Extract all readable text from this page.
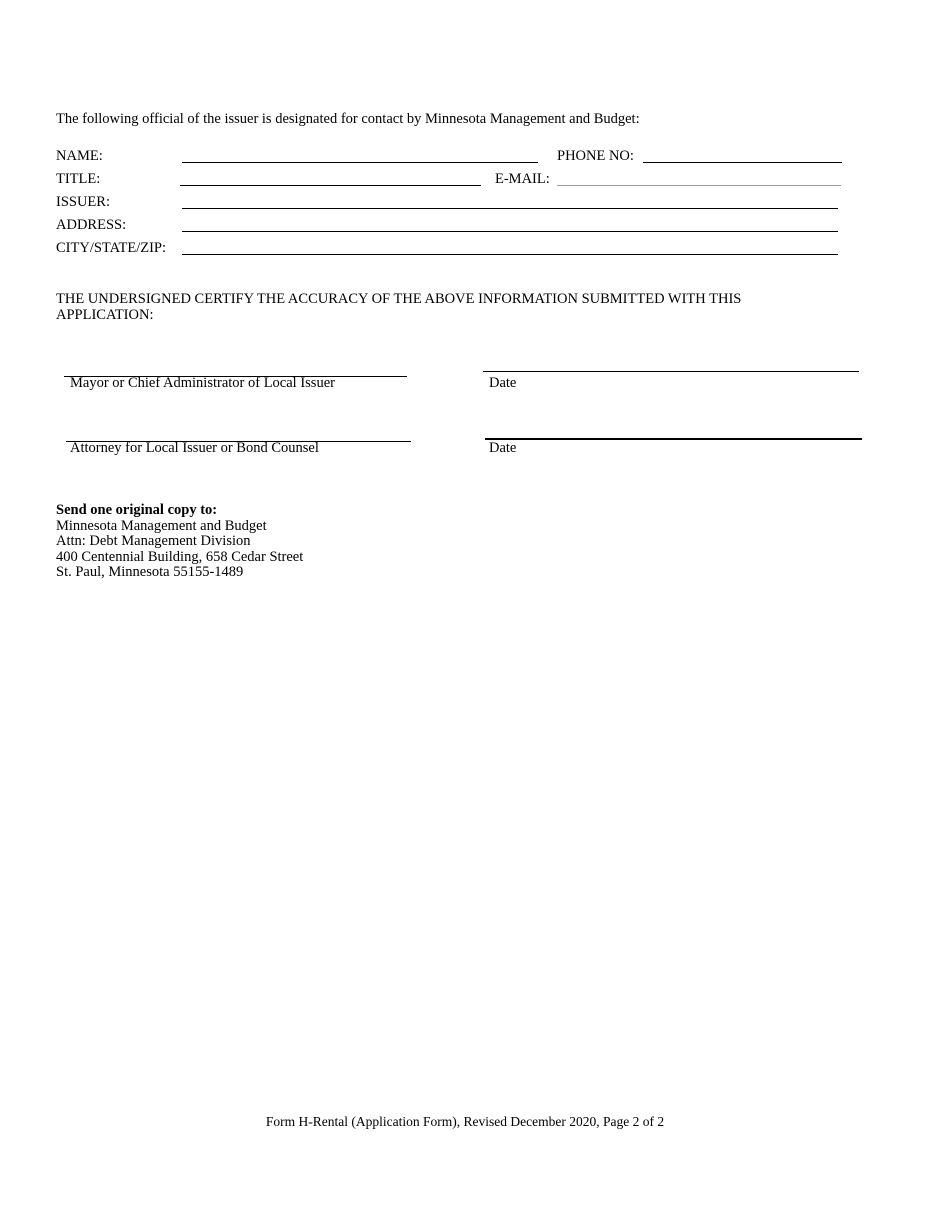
The following official of the issuer is designated for contact by Minnesota Management and Budget:
NAME:	PHONE NO:
TITLE:	E-MAIL:
ISSUER:
ADDRESS:
CITY/STATE/ZIP:
THE UNDERSIGNED CERTIFY THE ACCURACY OF THE ABOVE INFORMATION SUBMITTED WITH THIS
APPLICATION:
Mayor or Chief Administrator of Local Issuer	Date
Attorney for Local Issuer or Bond Counsel	Date
Send one original copy to:
Minnesota Management and Budget
Attn: Debt Management Division
400 Centennial Building, 658 Cedar Street
St. Paul, Minnesota 55155-1489
Form H-Rental (Application Form), Revised December 2020, Page 2 of 2
